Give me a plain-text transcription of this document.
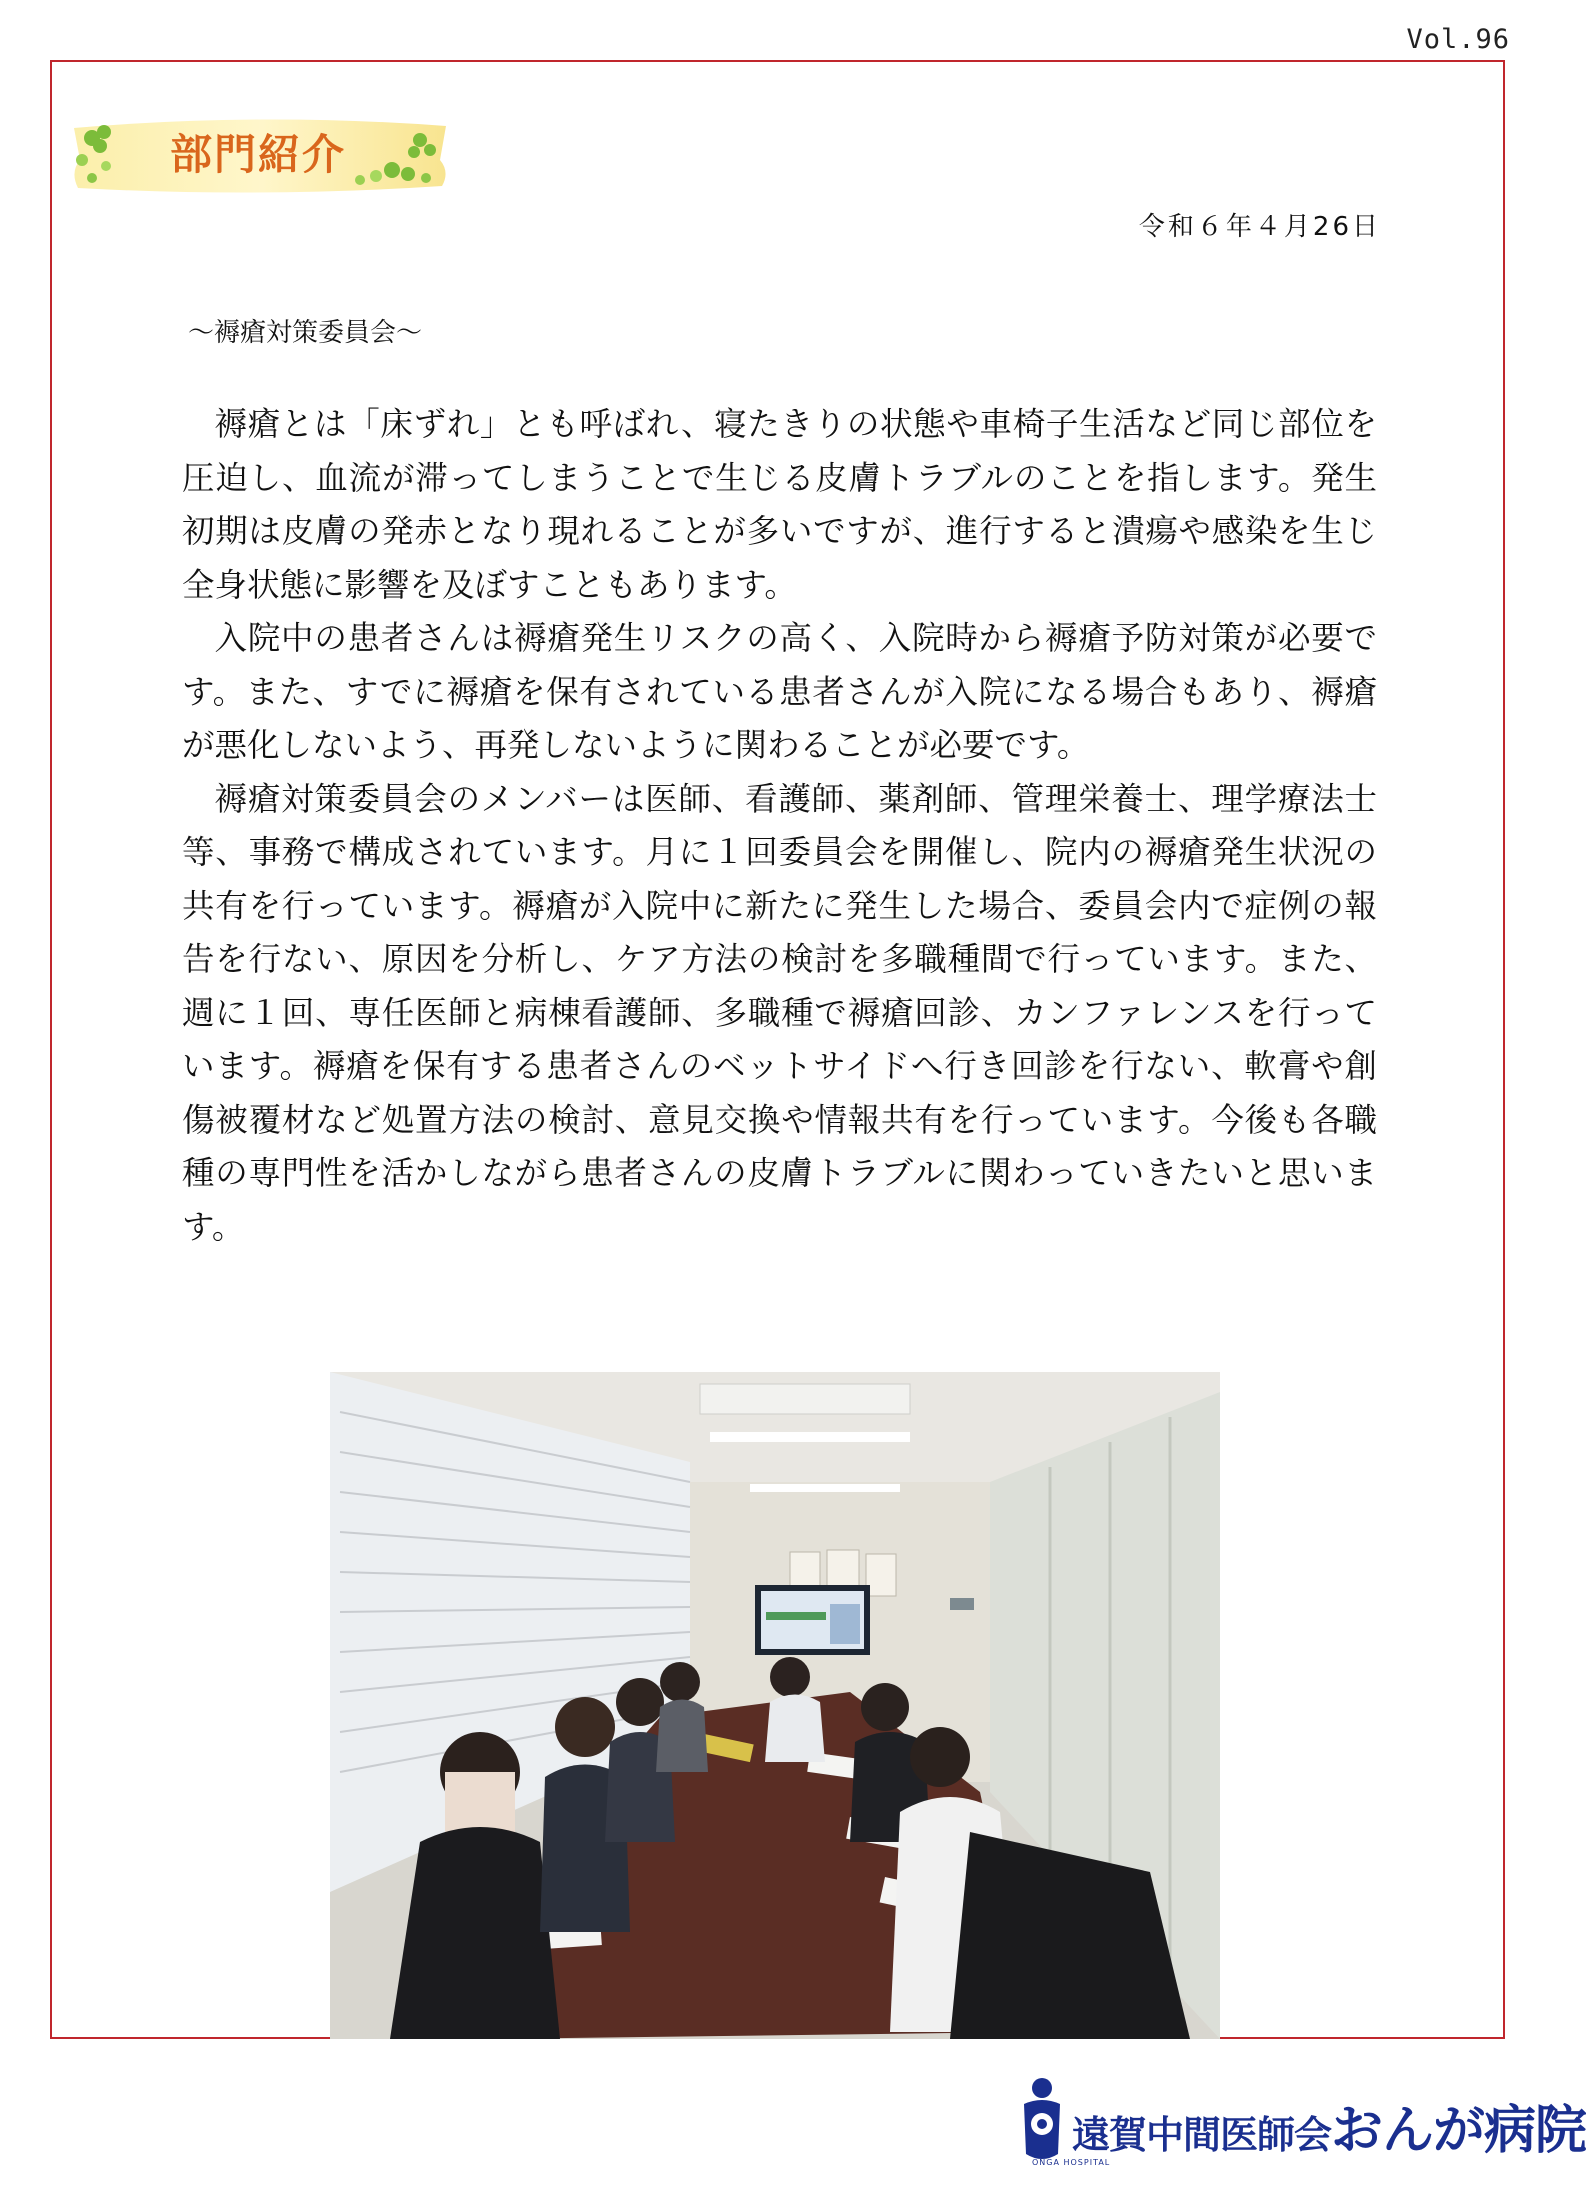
Vol.96
部門紹介
令和６年４月26日
～褥瘡対策委員会～

褥瘡とは「床ずれ」とも呼ばれ、寝たきりの状態や車椅子生活など同じ部位を圧迫し、血流が滞ってしまうことで生じる皮膚トラブルのことを指します。発生初期は皮膚の発赤となり現れることが多いですが、進行すると潰瘍や感染を生じ全身状態に影響を及ぼすこともあります。

入院中の患者さんは褥瘡発生リスクの高く、入院時から褥瘡予防対策が必要です。また、すでに褥瘡を保有されている患者さんが入院になる場合もあり、褥瘡が悪化しないよう、再発しないように関わることが必要です。

褥瘡対策委員会のメンバーは医師、看護師、薬剤師、管理栄養士、理学療法士等、事務で構成されています。月に１回委員会を開催し、院内の褥瘡発生状況の共有を行っています。褥瘡が入院中に新たに発生した場合、委員会内で症例の報告を行ない、原因を分析し、ケア方法の検討を多職種間で行っています。また、週に１回、専任医師と病棟看護師、多職種で褥瘡回診、カンファレンスを行っています。褥瘡を保有する患者さんのベットサイドへ行き回診を行ない、軟膏や創傷被覆材など処置方法の検討、意見交換や情報共有を行っています。今後も各職種の専門性を活かしながら患者さんの皮膚トラブルに関わっていきたいと思います。

遠賀中間医師会おんが病院
ONGA HOSPITAL
